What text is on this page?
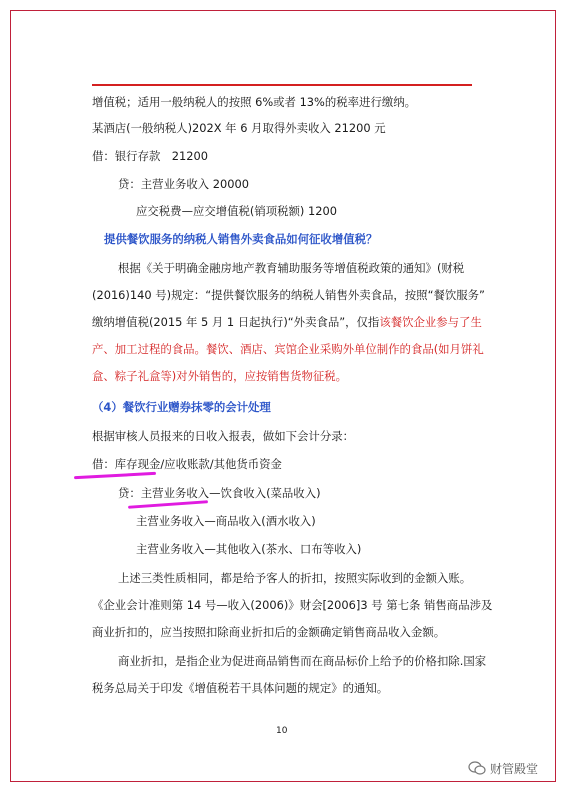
增值税；适用一般纳税人的按照 6%或者 13%的税率进行缴纳。
某酒店(一般纳税人)202X 年 6 月取得外卖收入 21200 元
借：银行存款　21200
贷：主营业务收入 20000
应交税费—应交增值税(销项税额) 1200
提供餐饮服务的纳税人销售外卖食品如何征收增值税？
根据《关于明确金融房地产教育辅助服务等增值税政策的通知》(财税
(2016)140 号)规定：“提供餐饮服务的纳税人销售外卖食品，按照“餐饮服务”
缴纳增值税(2015 年 5 月 1 日起执行)“外卖食品”，仅指该餐饮企业参与了生
产、加工过程的食品。餐饮、酒店、宾馆企业采购外单位制作的食品(如月饼礼
盒、粽子礼盒等)对外销售的，应按销售货物征税。
（4）餐饮行业赠券抹零的会计处理
根据审核人员报来的日收入报表，做如下会计分录：
借：库存现金/应收账款/其他货币资金
贷：主营业务收入—饮食收入(菜品收入)
主营业务收入—商品收入(酒水收入)
主营业务收入—其他收入(茶水、口布等收入)
上述三类性质相同，都是给予客人的折扣，按照实际收到的金额入账。
《企业会计准则第 14 号—收入(2006)》财会[2006]3 号 第七条 销售商品涉及
商业折扣的，应当按照扣除商业折扣后的金额确定销售商品收入金额。
商业折扣，是指企业为促进商品销售而在商品标价上给予的价格扣除.国家
税务总局关于印发《增值税若干具体问题的规定》的通知。
10
财管殿堂
